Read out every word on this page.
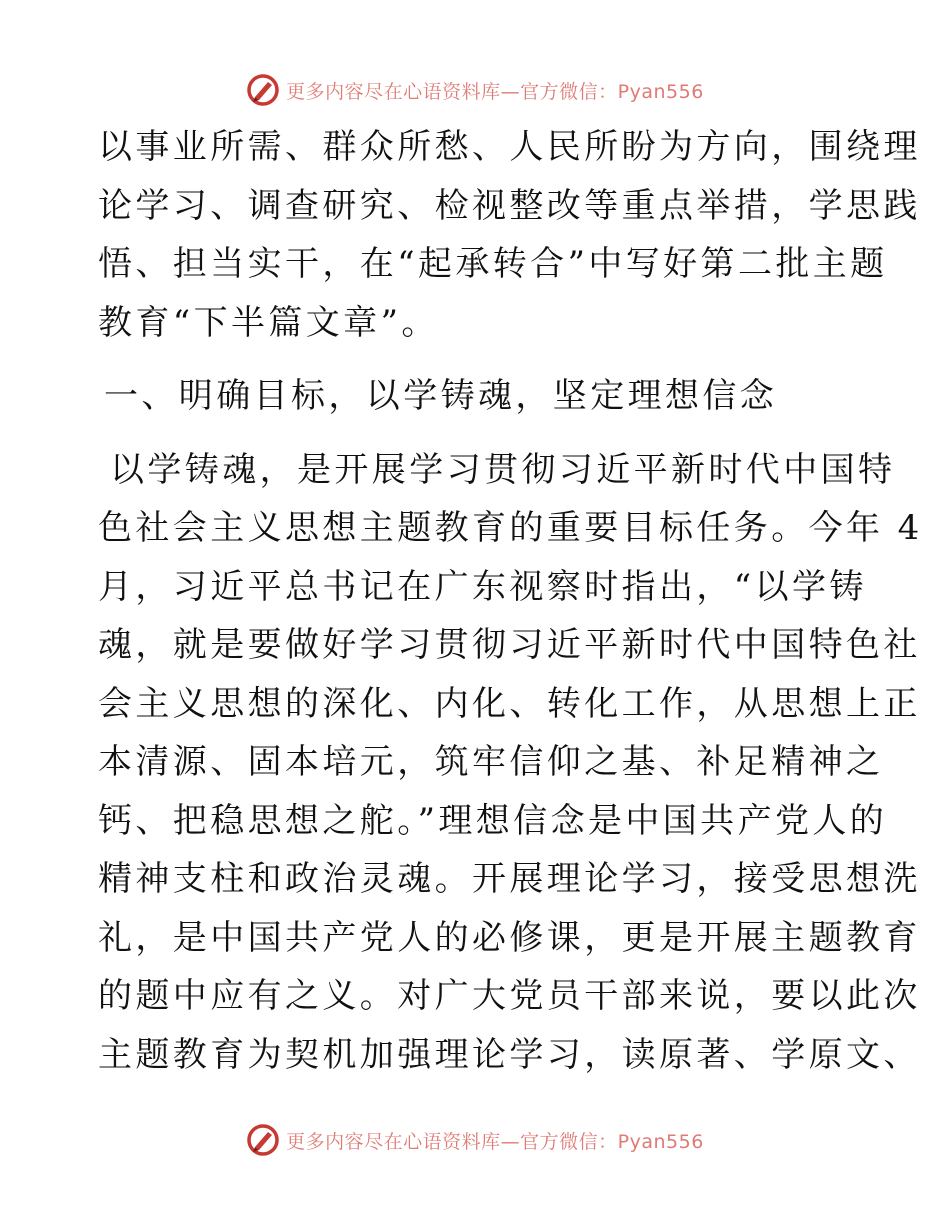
更多内容尽在心语资料库—官方微信：Pyan556
以事业所需、群众所愁、人民所盼为方向，围绕理
论学习、调查研究、检视整改等重点举措，学思践
悟、担当实干，在“起承转合”中写好第二批主题
教育“下半篇文章”。
一、明确目标，以学铸魂，坚定理想信念
以学铸魂，是开展学习贯彻习近平新时代中国特
色社会主义思想主题教育的重要目标任务。今年 4
月，习近平总书记在广东视察时指出，“以学铸
魂，就是要做好学习贯彻习近平新时代中国特色社
会主义思想的深化、内化、转化工作，从思想上正
本清源、固本培元，筑牢信仰之基、补足精神之
钙、把稳思想之舵。”理想信念是中国共产党人的
精神支柱和政治灵魂。开展理论学习，接受思想洗
礼，是中国共产党人的必修课，更是开展主题教育
的题中应有之义。对广大党员干部来说，要以此次
主题教育为契机加强理论学习，读原著、学原文、
更多内容尽在心语资料库—官方微信：Pyan556
